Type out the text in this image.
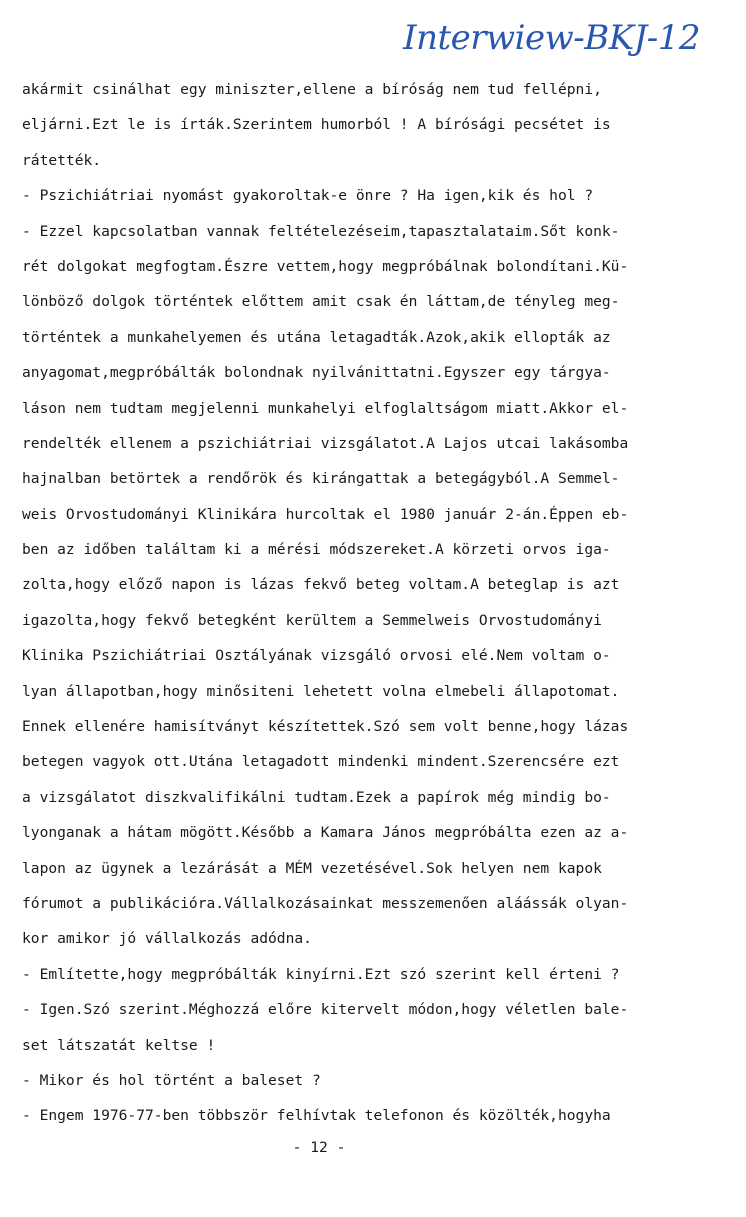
Interwiew-BKJ-12
akármit csinálhat egy miniszter,ellene a bíróság nem tud fellépni,
eljárni.Ezt le is írták.Szerintem humorból ! A bírósági pecsétet is
rátették.
- Pszichiátriai nyomást gyakoroltak-e önre ? Ha igen,kik és hol ?
- Ezzel kapcsolatban vannak feltételezéseim,tapasztalataim.Sőt konk-
rét dolgokat megfogtam.Észre vettem,hogy megpróbálnak bolondítani.Kü-
lönböző dolgok történtek előttem amit csak én láttam,de tényleg meg-
történtek a munkahelyemen és utána letagadták.Azok,akik ellopták az
anyagomat,megpróbálták bolondnak nyilvánittatni.Egyszer egy tárgya-
láson nem tudtam megjelenni munkahelyi elfoglaltságom miatt.Akkor el-
rendelték ellenem a pszichiátriai vizsgálatot.A Lajos utcai lakásomba
hajnalban betörtek a rendőrök és kirángattak a betegágyból.A Semmel-
weis Orvostudományi Klinikára hurcoltak el 1980 január 2-án.Éppen eb-
ben az időben találtam ki a mérési módszereket.A körzeti orvos iga-
zolta,hogy előző napon is lázas fekvő beteg voltam.A beteglap is azt
igazolta,hogy fekvő betegként kerültem a Semmelweis Orvostudományi
Klinika Pszichiátriai Osztályának vizsgáló orvosi elé.Nem voltam o-
lyan állapotban,hogy minősiteni lehetett volna elmebeli állapotomat.
Ennek ellenére hamisítványt készítettek.Szó sem volt benne,hogy lázas
betegen vagyok ott.Utána letagadott mindenki mindent.Szerencsére ezt
a vizsgálatot diszkvalifikálni tudtam.Ezek a papírok még mindig bo-
lyonganak a hátam mögött.Később a Kamara János megpróbálta ezen az a-
lapon az ügynek a lezárását a MÉM vezetésével.Sok helyen nem kapok
fórumot a publikációra.Vállalkozásainkat messzemenően aláássák olyan-
kor amikor jó vállalkozás adódna.
- Említette,hogy megpróbálták kinyírni.Ezt szó szerint kell érteni ?
- Igen.Szó szerint.Méghozzá előre kitervelt módon,hogy véletlen bale-
set látszatát keltse !
- Mikor és hol történt a baleset ?
- Engem 1976-77-ben többször felhívtak telefonon és közölték,hogyha
- 12 -
